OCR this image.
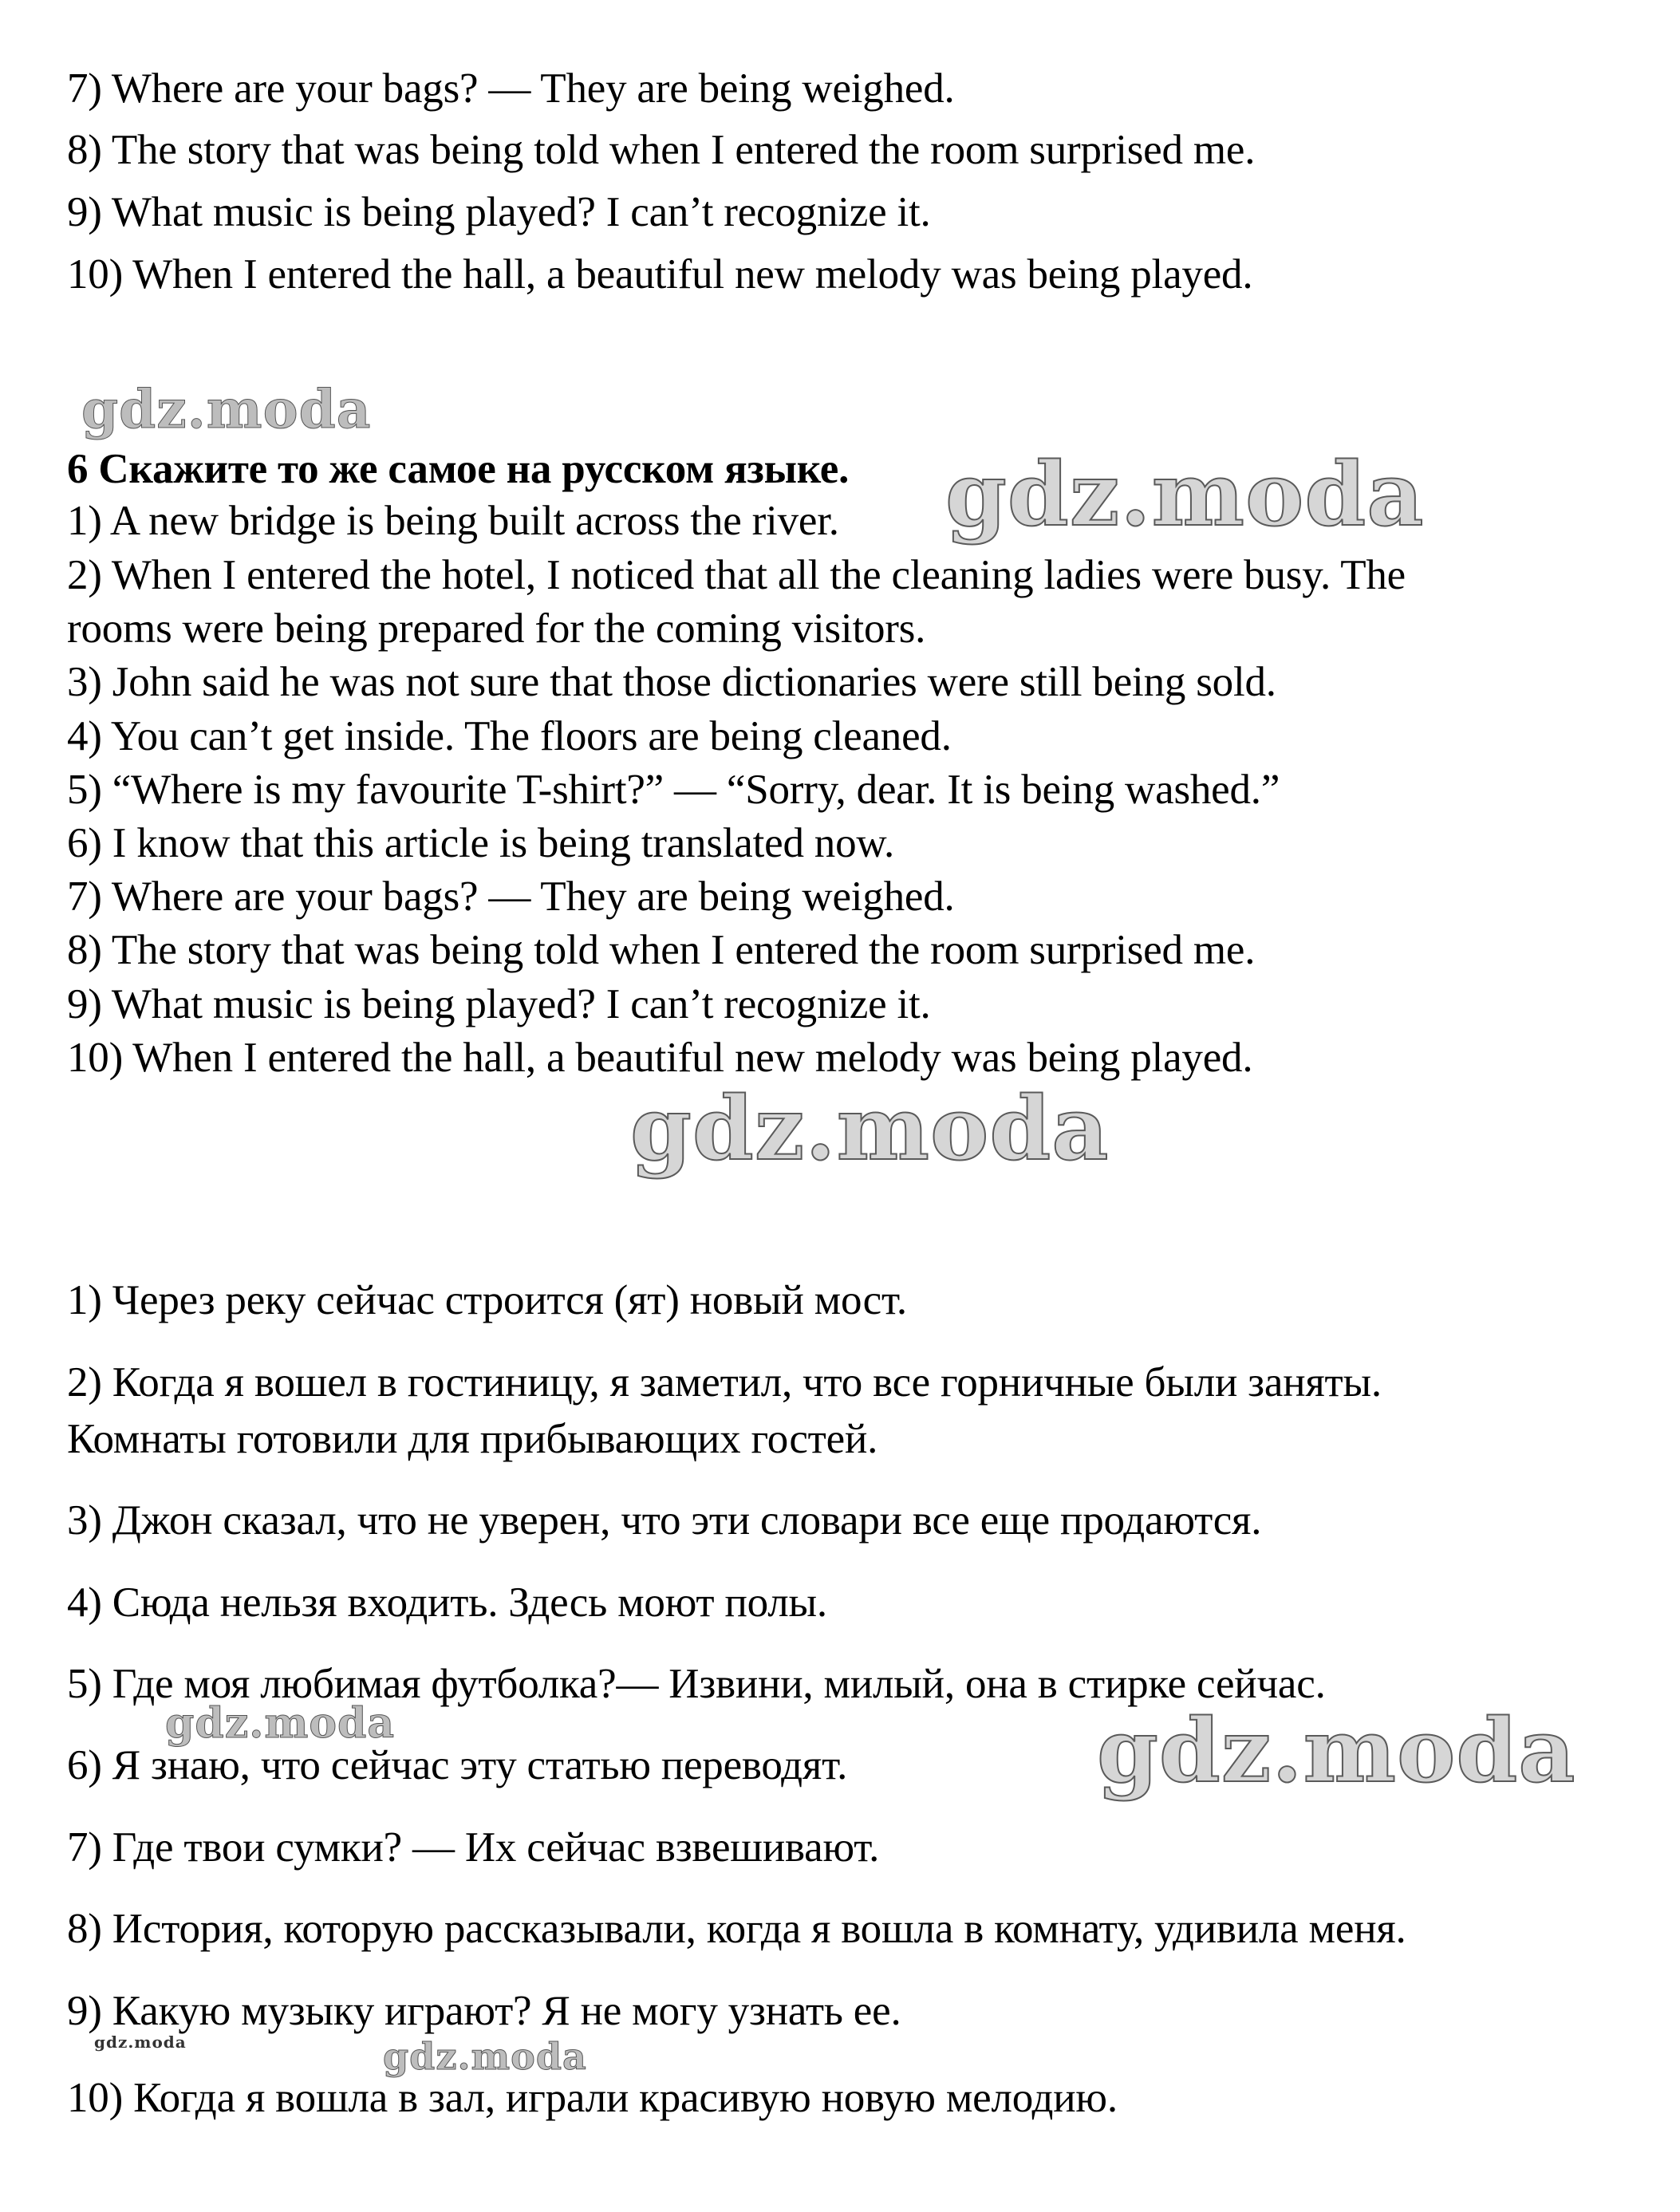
7) Where are your bags? — They are being weighed.
8) The story that was being told when I entered the room surprised me.
9) What music is being played? I can’t recognize it.
10) When I entered the hall, a beautiful new melody was being played.
gdz.moda
6 Скажите то же самое на русском языке.
1) A new bridge is being built across the river.
2) When I entered the hotel, I noticed that all the cleaning ladies were busy. The
rooms were being prepared for the coming visitors.
3) John said he was not sure that those dictionaries were still being sold.
4) You can’t get inside. The floors are being cleaned.
5) “Where is my favourite T-shirt?” — “Sorry, dear. It is being washed.”
6) I know that this article is being translated now.
7) Where are your bags? — They are being weighed.
8) The story that was being told when I entered the room surprised me.
9) What music is being played? I can’t recognize it.
10) When I entered the hall, a beautiful new melody was being played.
gdz.moda
gdz.moda
1) Через реку сейчас строится (ят) новый мост.
2) Когда я вошел в гостиницу, я заметил, что все горничные были заняты.
Комнаты готовили для прибывающих гостей.
3) Джон сказал, что не уверен, что эти словари все еще продаются.
4) Сюда нельзя входить. Здесь моют полы.
5) Где моя любимая футболка?— Извини, милый, она в стирке сейчас.
6) Я знаю, что сейчас эту статью переводят.
7) Где твои сумки? — Их сейчас взвешивают.
8) История, которую рассказывали, когда я вошла в комнату, удивила меня.
9) Какую музыку играют? Я не могу узнать ее.
10) Когда я вошла в зал, играли красивую новую мелодию.
gdz.moda	gdz.moda
gdz.moda	gdz.moda
